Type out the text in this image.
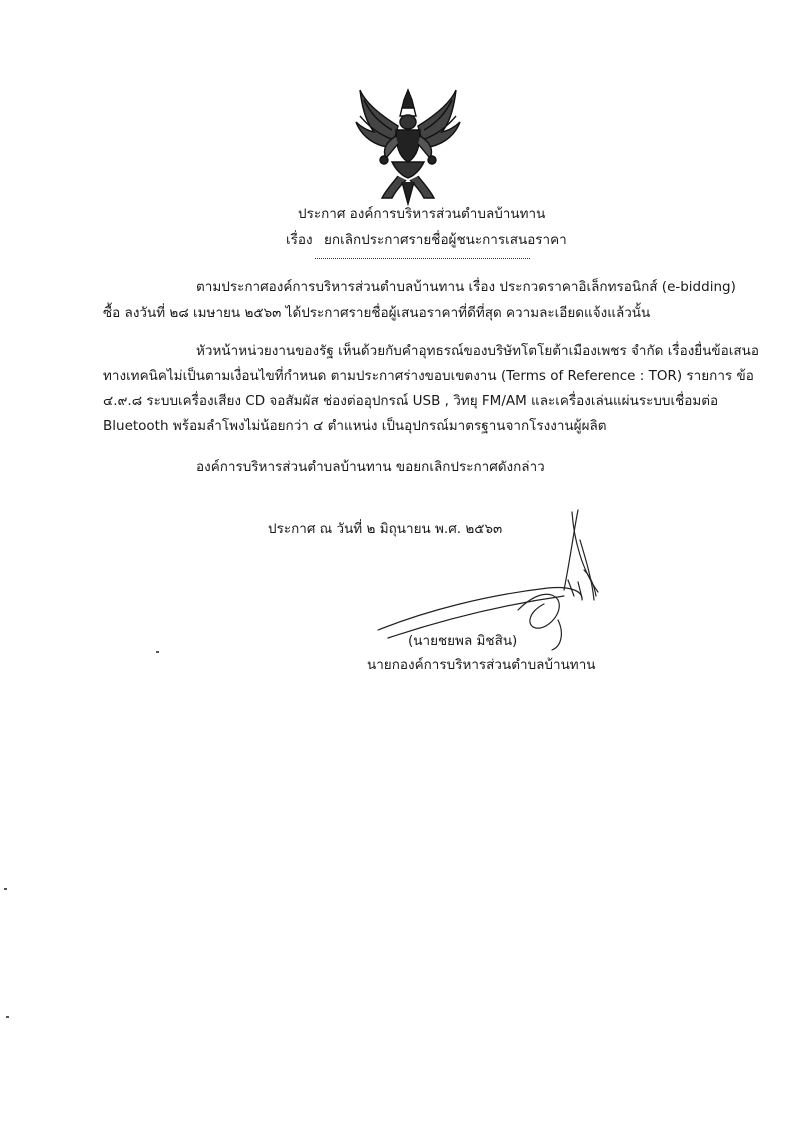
ประกาศ องค์การบริหารส่วนตำบลบ้านทาน
เรื่อง ยกเลิกประกาศรายชื่อผู้ชนะการเสนอราคา
ตามประกาศองค์การบริหารส่วนตำบลบ้านทาน เรื่อง ประกวดราคาอิเล็กทรอนิกส์ (e-bidding)
ซื้อ ลงวันที่ ๒๘ เมษายน ๒๕๖๓ ได้ประกาศรายชื่อผู้เสนอราคาที่ดีที่สุด ความละเอียดแจ้งแล้วนั้น
หัวหน้าหน่วยงานของรัฐ เห็นด้วยกับคำอุทธรณ์ของบริษัทโตโยต้าเมืองเพชร จำกัด เรื่องยื่นข้อเสนอ
ทางเทคนิคไม่เป็นตามเงื่อนไขที่กำหนด ตามประกาศร่างขอบเขตงาน (Terms of Reference : TOR) รายการ ข้อ
๔.๙.๘ ระบบเครื่องเสียง CD จอสัมผัส ช่องต่ออุปกรณ์ USB , วิทยุ FM/AM และเครื่องเล่นแผ่นระบบเชื่อมต่อ
Bluetooth พร้อมลำโพงไม่น้อยกว่า ๔ ตำแหน่ง เป็นอุปกรณ์มาตรฐานจากโรงงานผู้ผลิต
องค์การบริหารส่วนตำบลบ้านทาน ขอยกเลิกประกาศดังกล่าว
ประกาศ ณ วันที่ ๒ มิถุนายน พ.ศ. ๒๕๖๓
(นายชยพล มิชสิน)
นายกองค์การบริหารส่วนตำบลบ้านทาน
